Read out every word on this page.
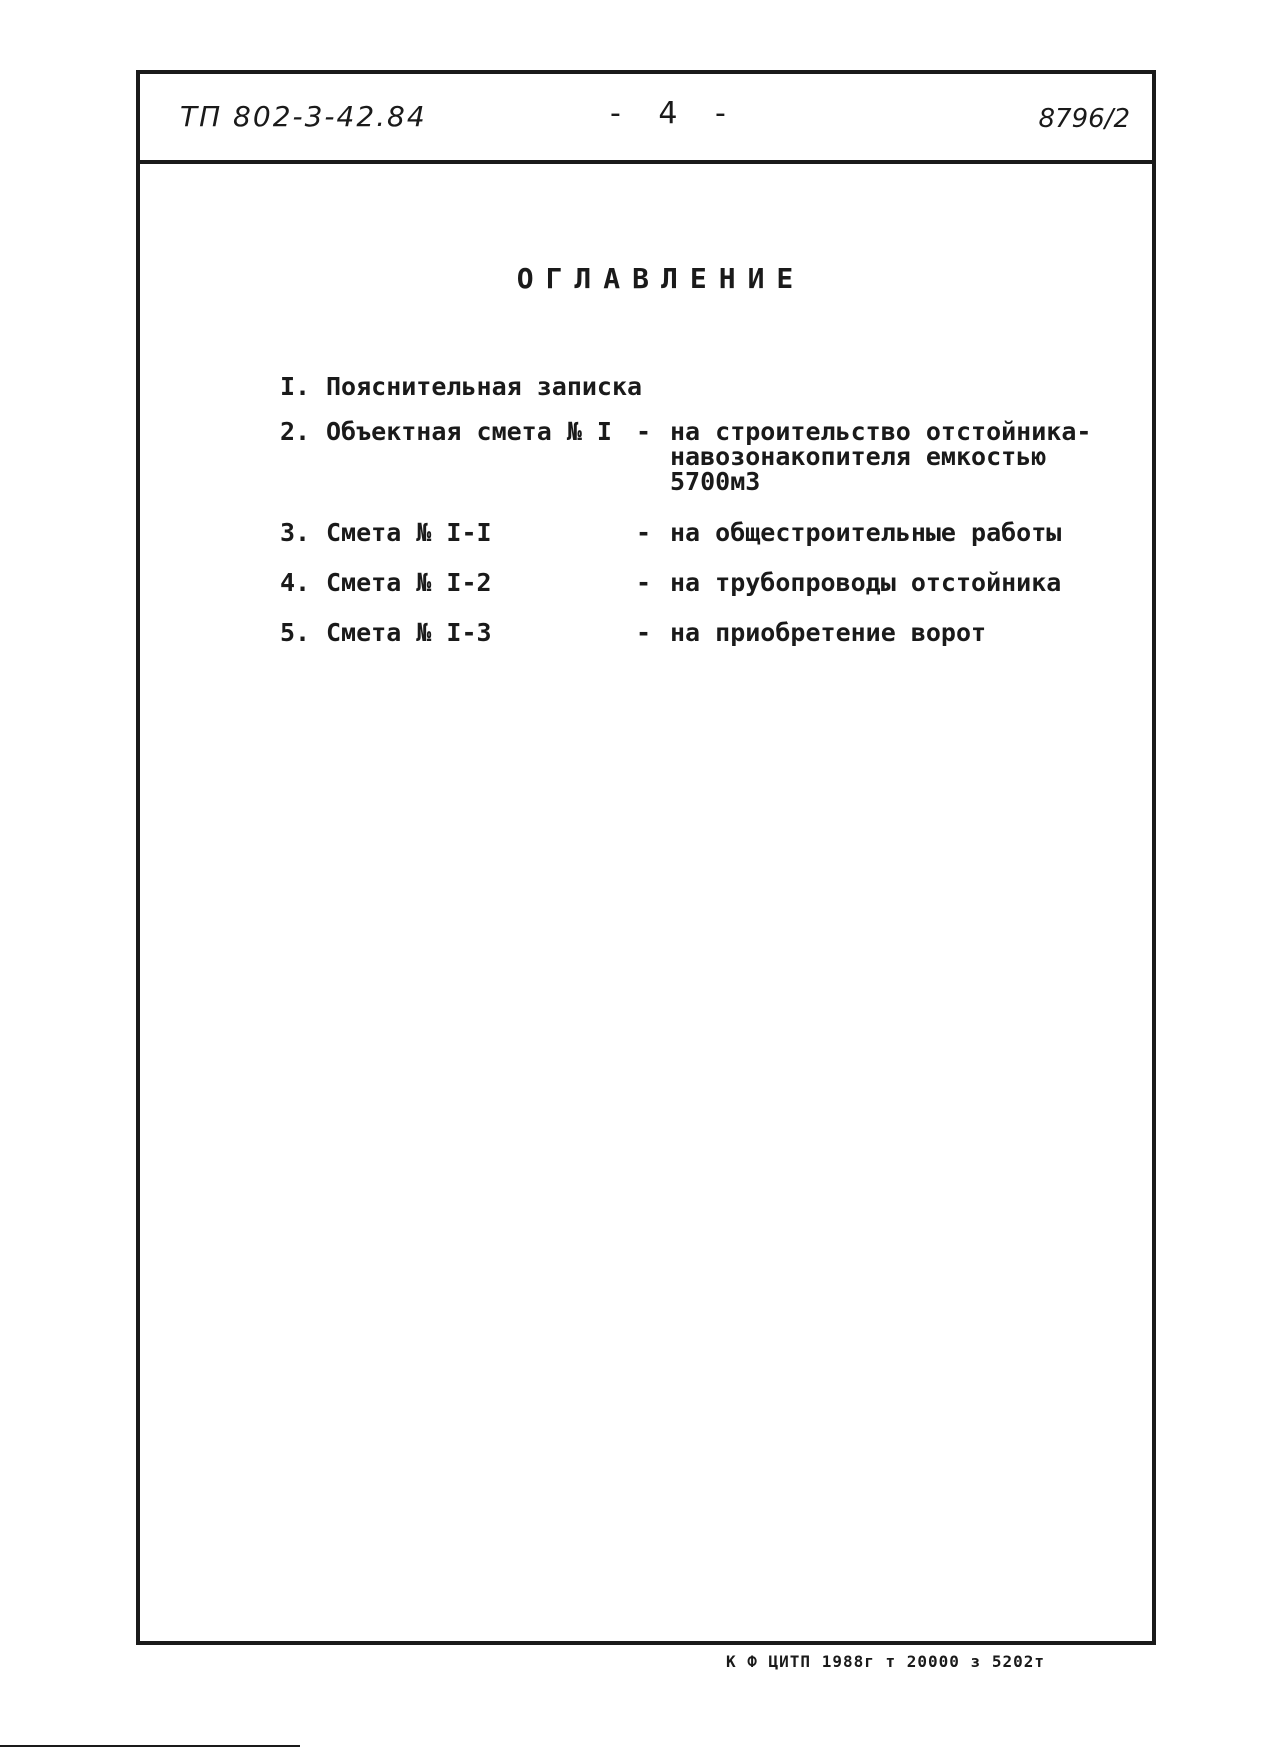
ТП 802-3-42.84	- 4 -	8796/2
ОГЛАВЛЕНИЕ
I. Пояснительная записка
2. Объектная смета № I - на строительство отстойника-навозонакопителя емкостью 5700м3
3. Смета № I-I	- на общестроительные работы
4. Смета № I-2	- на трубопроводы отстойника
5. Смета № I-3	- на приобретение ворот
К Ф ЦИТП 1988г т 20000 з 5202т
